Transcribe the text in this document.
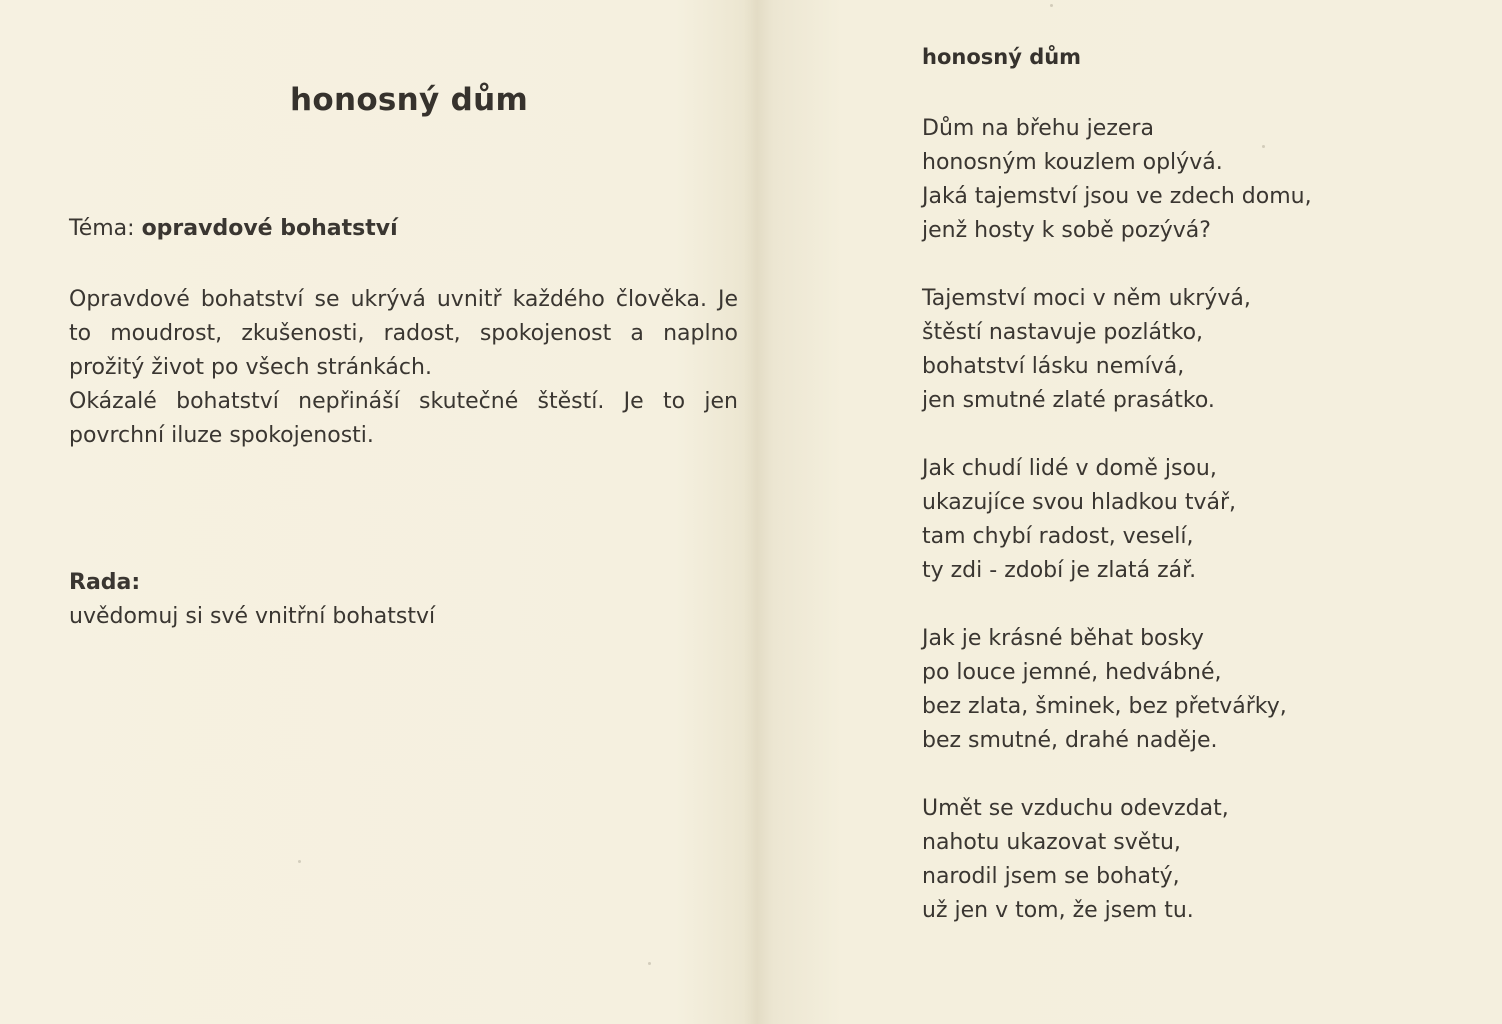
honosný dům
Téma: opravdové bohatství

Opravdové bohatství se ukrývá uvnitř každého člověka. Je to moudrost, zkušenosti, radost, spokojenost a naplno prožitý život po všech stránkách.

Okázalé bohatství nepřináší skutečné štěstí. Je to jen povrchní iluze spokojenosti.

Rada:
uvědomuj si své vnitřní bohatství
honosný dům
Dům na břehu jezera
honosným kouzlem oplývá.
Jaká tajemství jsou ve zdech domu,
jenž hosty k sobě pozývá?
Tajemství moci v něm ukrývá,
štěstí nastavuje pozlátko,
bohatství lásku nemívá,
jen smutné zlaté prasátko.
Jak chudí lidé v domě jsou,
ukazujíce svou hladkou tvář,
tam chybí radost, veselí,
ty zdi - zdobí je zlatá zář.
Jak je krásné běhat bosky
po louce jemné, hedvábné,
bez zlata, šminek, bez přetvářky,
bez smutné, drahé naděje.
Umět se vzduchu odevzdat,
nahotu ukazovat světu,
narodil jsem se bohatý,
už jen v tom, že jsem tu.
